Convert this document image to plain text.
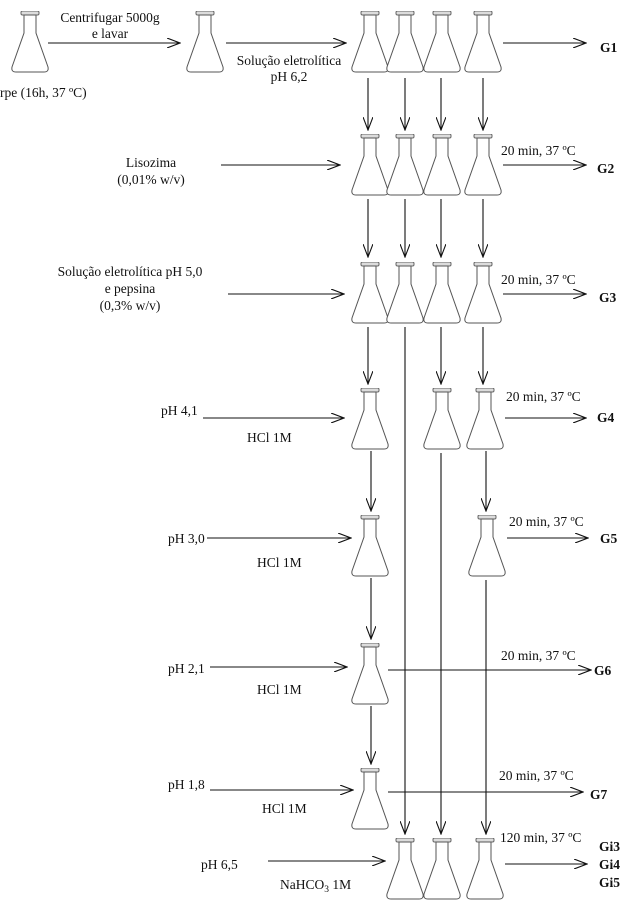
rpe (16h, 37 ºC)
Centrifugar 5000g
e lavar
Solução eletrolítica
pH 6,2
Lisozima
(0,01% w/v)
Solução eletrolítica pH 5,0
e pepsina
(0,3% w/v)
pH 4,1
HCl 1M
pH 3,0
HCl 1M
pH 2,1
HCl 1M
pH 1,8
HCl 1M
pH 6,5
NaHCO$_3$ 1M
20 min, 37 ºC
20 min, 37 ºC
20 min, 37 ºC
20 min, 37 ºC
20 min, 37 ºC
20 min, 37 ºC
120 min, 37 ºC
G1
G2
G3
G4
G5
G6
G7
Gi3
Gi4
Gi5
